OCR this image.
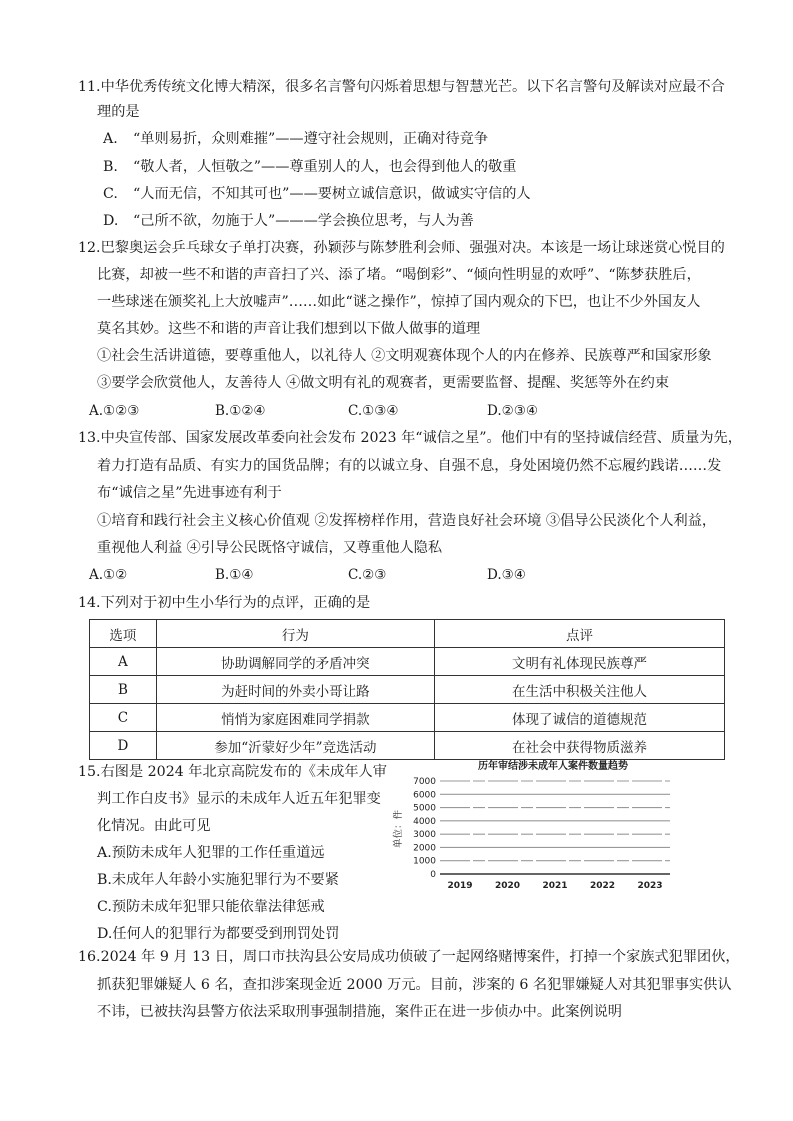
11.中华优秀传统文化博大精深，很多名言警句闪烁着思想与智慧光芒。以下名言警句及解读对应最不合
理的是
A. “单则易折，众则难摧”——遵守社会规则，正确对待竞争
B. “敬人者，人恒敬之”——尊重别人的人，也会得到他人的敬重
C. “人而无信，不知其可也”——要树立诚信意识，做诚实守信的人
D. “己所不欲，勿施于人”———学会换位思考，与人为善
12.巴黎奥运会乒乓球女子单打决赛，孙颖莎与陈梦胜利会师、强强对决。本该是一场让球迷赏心悦目的
比赛，却被一些不和谐的声音扫了兴、添了堵。“喝倒彩”、“倾向性明显的欢呼”、“陈梦获胜后，
一些球迷在颁奖礼上大放嘘声”……如此“谜之操作”，惊掉了国内观众的下巴，也让不少外国友人
莫名其妙。这些不和谐的声音让我们想到以下做人做事的道理
①社会生活讲道德，要尊重他人，以礼待人 ②文明观赛体现个人的内在修养、民族尊严和国家形象
③要学会欣赏他人，友善待人 ④做文明有礼的观赛者，更需要监督、提醒、奖惩等外在约束
A.①②③	B.①②④	C.①③④	D.②③④
13.中央宣传部、国家发展改革委向社会发布 2023 年“诚信之星”。他们中有的坚持诚信经营、质量为先，
着力打造有品质、有实力的国货品牌；有的以诚立身、自强不息，身处困境仍然不忘履约践诺……发
布“诚信之星”先进事迹有利于
①培育和践行社会主义核心价值观 ②发挥榜样作用，营造良好社会环境 ③倡导公民淡化个人利益，
重视他人利益 ④引导公民既恪守诚信，又尊重他人隐私
A.①②	B.①④	C.②③	D.③④
14.下列对于初中生小华行为的点评，正确的是
选项	行为	点评
A	协助调解同学的矛盾冲突	文明有礼体现民族尊严
B	为赶时间的外卖小哥让路	在生活中积极关注他人
C	悄悄为家庭困难同学捐款	体现了诚信的道德规范
D	参加“沂蒙好少年”竞选活动	在社会中获得物质滋养
15.右图是 2024 年北京高院发布的《未成年人审
判工作白皮书》显示的未成年人近五年犯罪变
化情况。由此可见
A.预防未成年人犯罪的工作任重道远
B.未成年人年龄小实施犯罪行为不要紧
C.预防未成年犯罪只能依靠法律惩戒
D.任何人的犯罪行为都要受到刑罚处罚
历年审结涉未成年人案件数量趋势
单位：件
0
1000
2000
3000
4000
5000
6000
7000
2019 2020 2021 2022 2023
16.2024 年 9 月 13 日，周口市扶沟县公安局成功侦破了一起网络赌博案件，打掉一个家族式犯罪团伙，
抓获犯罪嫌疑人 6 名，查扣涉案现金近 2000 万元。目前，涉案的 6 名犯罪嫌疑人对其犯罪事实供认
不讳，已被扶沟县警方依法采取刑事强制措施，案件正在进一步侦办中。此案例说明
